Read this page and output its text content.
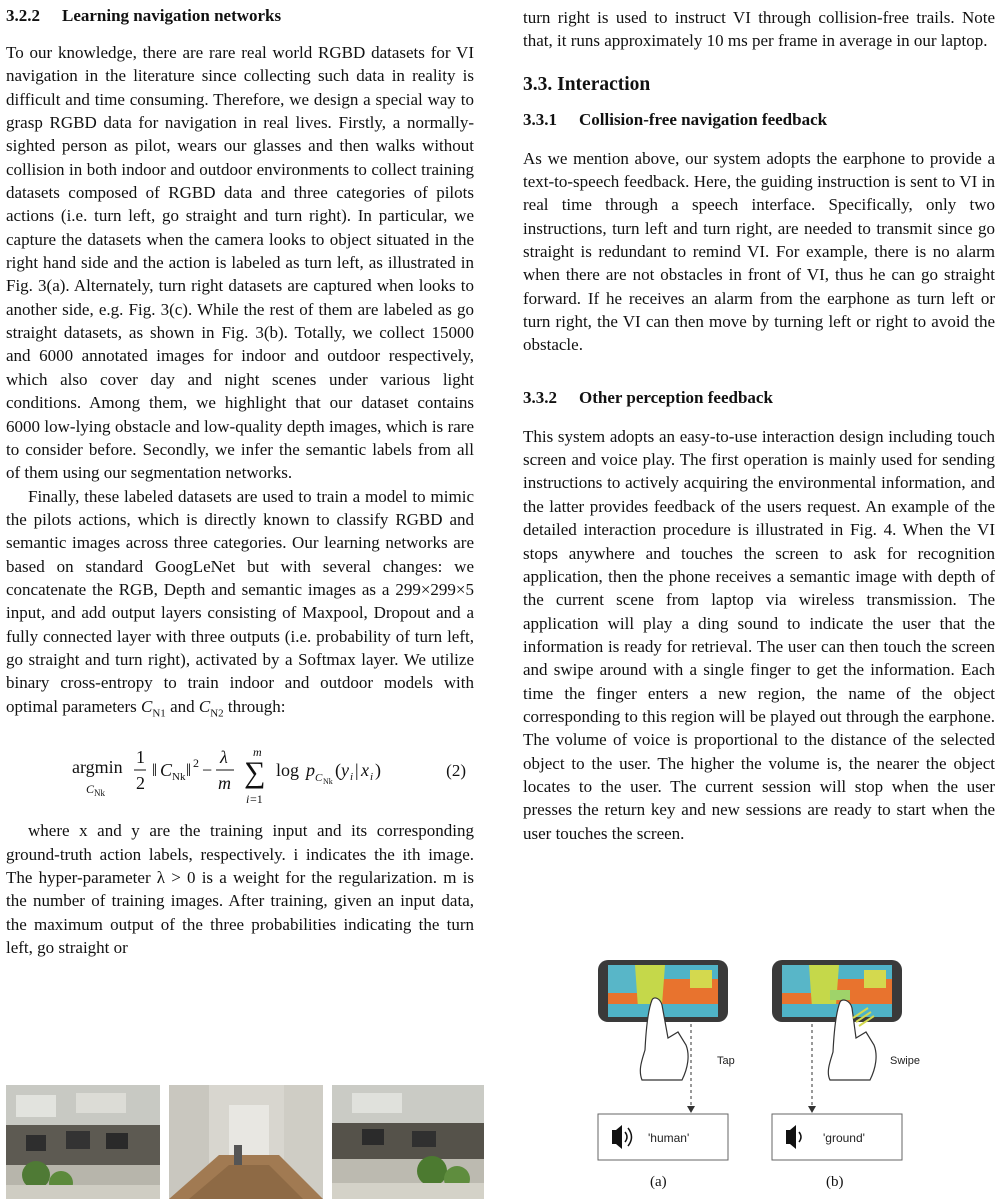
3.2.2 Learning navigation networks

To our knowledge, there are rare real world RGBD datasets for VI navigation in the literature since collecting such data in reality is difficult and time consuming. Therefore, we design a special way to grasp RGBD data for navigation in real lives. Firstly, a normally-sighted person as pilot, wears our glasses and then walks without collision in both indoor and outdoor environments to collect training datasets composed of RGBD data and three categories of pilots actions (i.e. turn left, go straight and turn right). In particular, we capture the datasets when the camera looks to object situated in the right hand side and the action is labeled as turn left, as illustrated in Fig. 3(a). Alternately, turn right datasets are captured when looks to another side, e.g. Fig. 3(c). While the rest of them are labeled as go straight datasets, as shown in Fig. 3(b). Totally, we collect 15000 and 6000 annotated images for indoor and outdoor respectively, which also cover day and night scenes under various light conditions. Among them, we highlight that our dataset contains 6000 low-lying obstacle and low-quality depth images, which is rare to consider before. Secondly, we infer the semantic labels from all of them using our segmentation networks.

Finally, these labeled datasets are used to train a model to mimic the pilots actions, which is directly known to classify RGBD and semantic images across three categories. Our learning networks are based on standard GoogLeNet but with several changes: we concatenate the RGB, Depth and semantic images as a 299×299×5 input, and add output layers consisting of Maxpool, Dropout and a fully connected layer with three outputs (i.e. probability of turn left, go straight and turn right), activated by a Softmax layer. We utilize binary cross-entropy to train indoor and outdoor models with optimal parameters $C_{N1}$ and $C_{N2}$ through:

argmin
C Nk
1
2
‖ C Nk ‖ 2 −
λ
m
m
∑
i =1
log p C Nk
( y i | x i )	(2)

where x and y are the training input and its corresponding ground-truth action labels, respectively. i indicates the ith image. The hyper-parameter λ > 0 is a weight for the regularization. m is the number of training images. After training, given an input data, the maximum output of the three probabilities indicating the turn left, go straight or

turn right is used to instruct VI through collision-free trails. Note that, it runs approximately 10 ms per frame in average in our laptop.

3.3. Interaction
3.3.1 Collision-free navigation feedback

As we mention above, our system adopts the earphone to provide a text-to-speech feedback. Here, the guiding instruction is sent to VI in real time through a speech interface. Specifically, only two instructions, turn left and turn right, are needed to transmit since go straight is redundant to remind VI. For example, there is no alarm when there are not obstacles in front of VI, thus he can go straight forward. If he receives an alarm from the earphone as turn left or turn right, the VI can then move by turning left or right to avoid the obstacle.

3.3.2 Other perception feedback

This system adopts an easy-to-use interaction design including touch screen and voice play. The first operation is mainly used for sending instructions to actively acquiring the environmental information, and the latter provides feedback of the users request. An example of the detailed interaction procedure is illustrated in Fig. 4. When the VI stops anywhere and touches the screen to ask for recognition application, then the phone receives a semantic image with depth of the current scene from laptop via wireless transmission. The application will play a ding sound to indicate the user that the information is ready for retrieval. The user can then touch the screen and swipe around with a single finger to get the information. Each time the finger enters a new region, the name of the object corresponding to this region will be played out through the earphone. The volume of voice is proportional to the distance of the selected object to the user. The higher the volume is, the nearer the object locates to the user. The current session will stop when the user presses the return key and new sessions are ready to start when the user touches the screen.

Tap
'human'
(a)
Swipe
'ground'
(b)
